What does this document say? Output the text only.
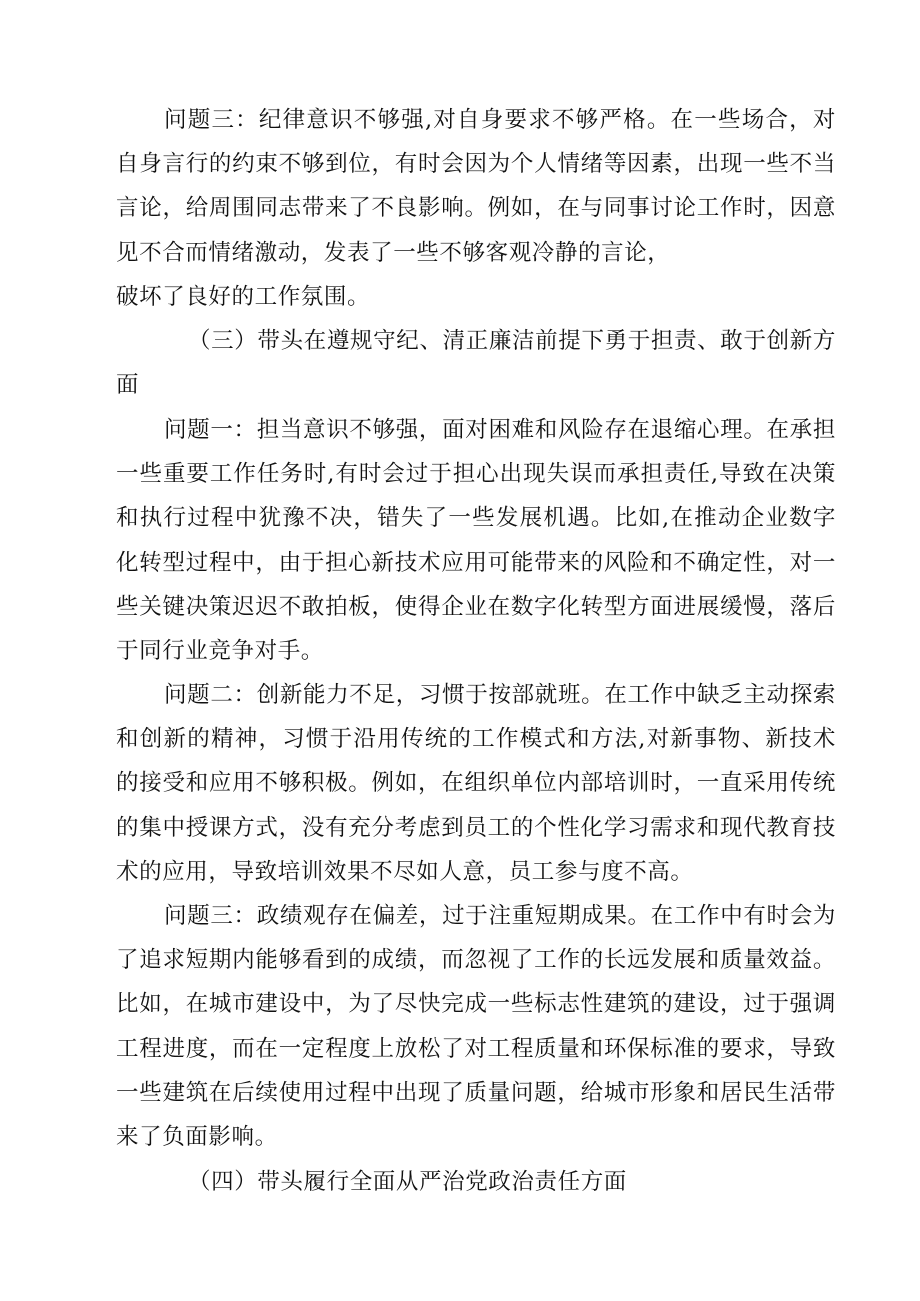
问题三：纪律意识不够强,对自身要求不够严格。在一些场合，对自身言行的约束不够到位，有时会因为个人情绪等因素，出现一些不当言论，给周围同志带来了不良影响。例如，在与同事讨论工作时，因意见不合而情绪激动，发表了一些不够客观冷静的言论，

破坏了良好的工作氛围。

（三）带头在遵规守纪、清正廉洁前提下勇于担责、敢于创新方面

问题一：担当意识不够强，面对困难和风险存在退缩心理。在承担一些重要工作任务时,有时会过于担心出现失误而承担责任,导致在决策和执行过程中犹豫不决，错失了一些发展机遇。比如,在推动企业数字化转型过程中，由于担心新技术应用可能带来的风险和不确定性，对一些关键决策迟迟不敢拍板，使得企业在数字化转型方面进展缓慢，落后于同行业竞争对手。

问题二：创新能力不足，习惯于按部就班。在工作中缺乏主动探索和创新的精神，习惯于沿用传统的工作模式和方法,对新事物、新技术的接受和应用不够积极。例如，在组织单位内部培训时，一直采用传统的集中授课方式，没有充分考虑到员工的个性化学习需求和现代教育技术的应用，导致培训效果不尽如人意，员工参与度不高。

问题三：政绩观存在偏差，过于注重短期成果。在工作中有时会为了追求短期内能够看到的成绩，而忽视了工作的长远发展和质量效益。比如，在城市建设中，为了尽快完成一些标志性建筑的建设，过于强调工程进度，而在一定程度上放松了对工程质量和环保标准的要求，导致一些建筑在后续使用过程中出现了质量问题，给城市形象和居民生活带来了负面影响。

（四）带头履行全面从严治党政治责任方面
